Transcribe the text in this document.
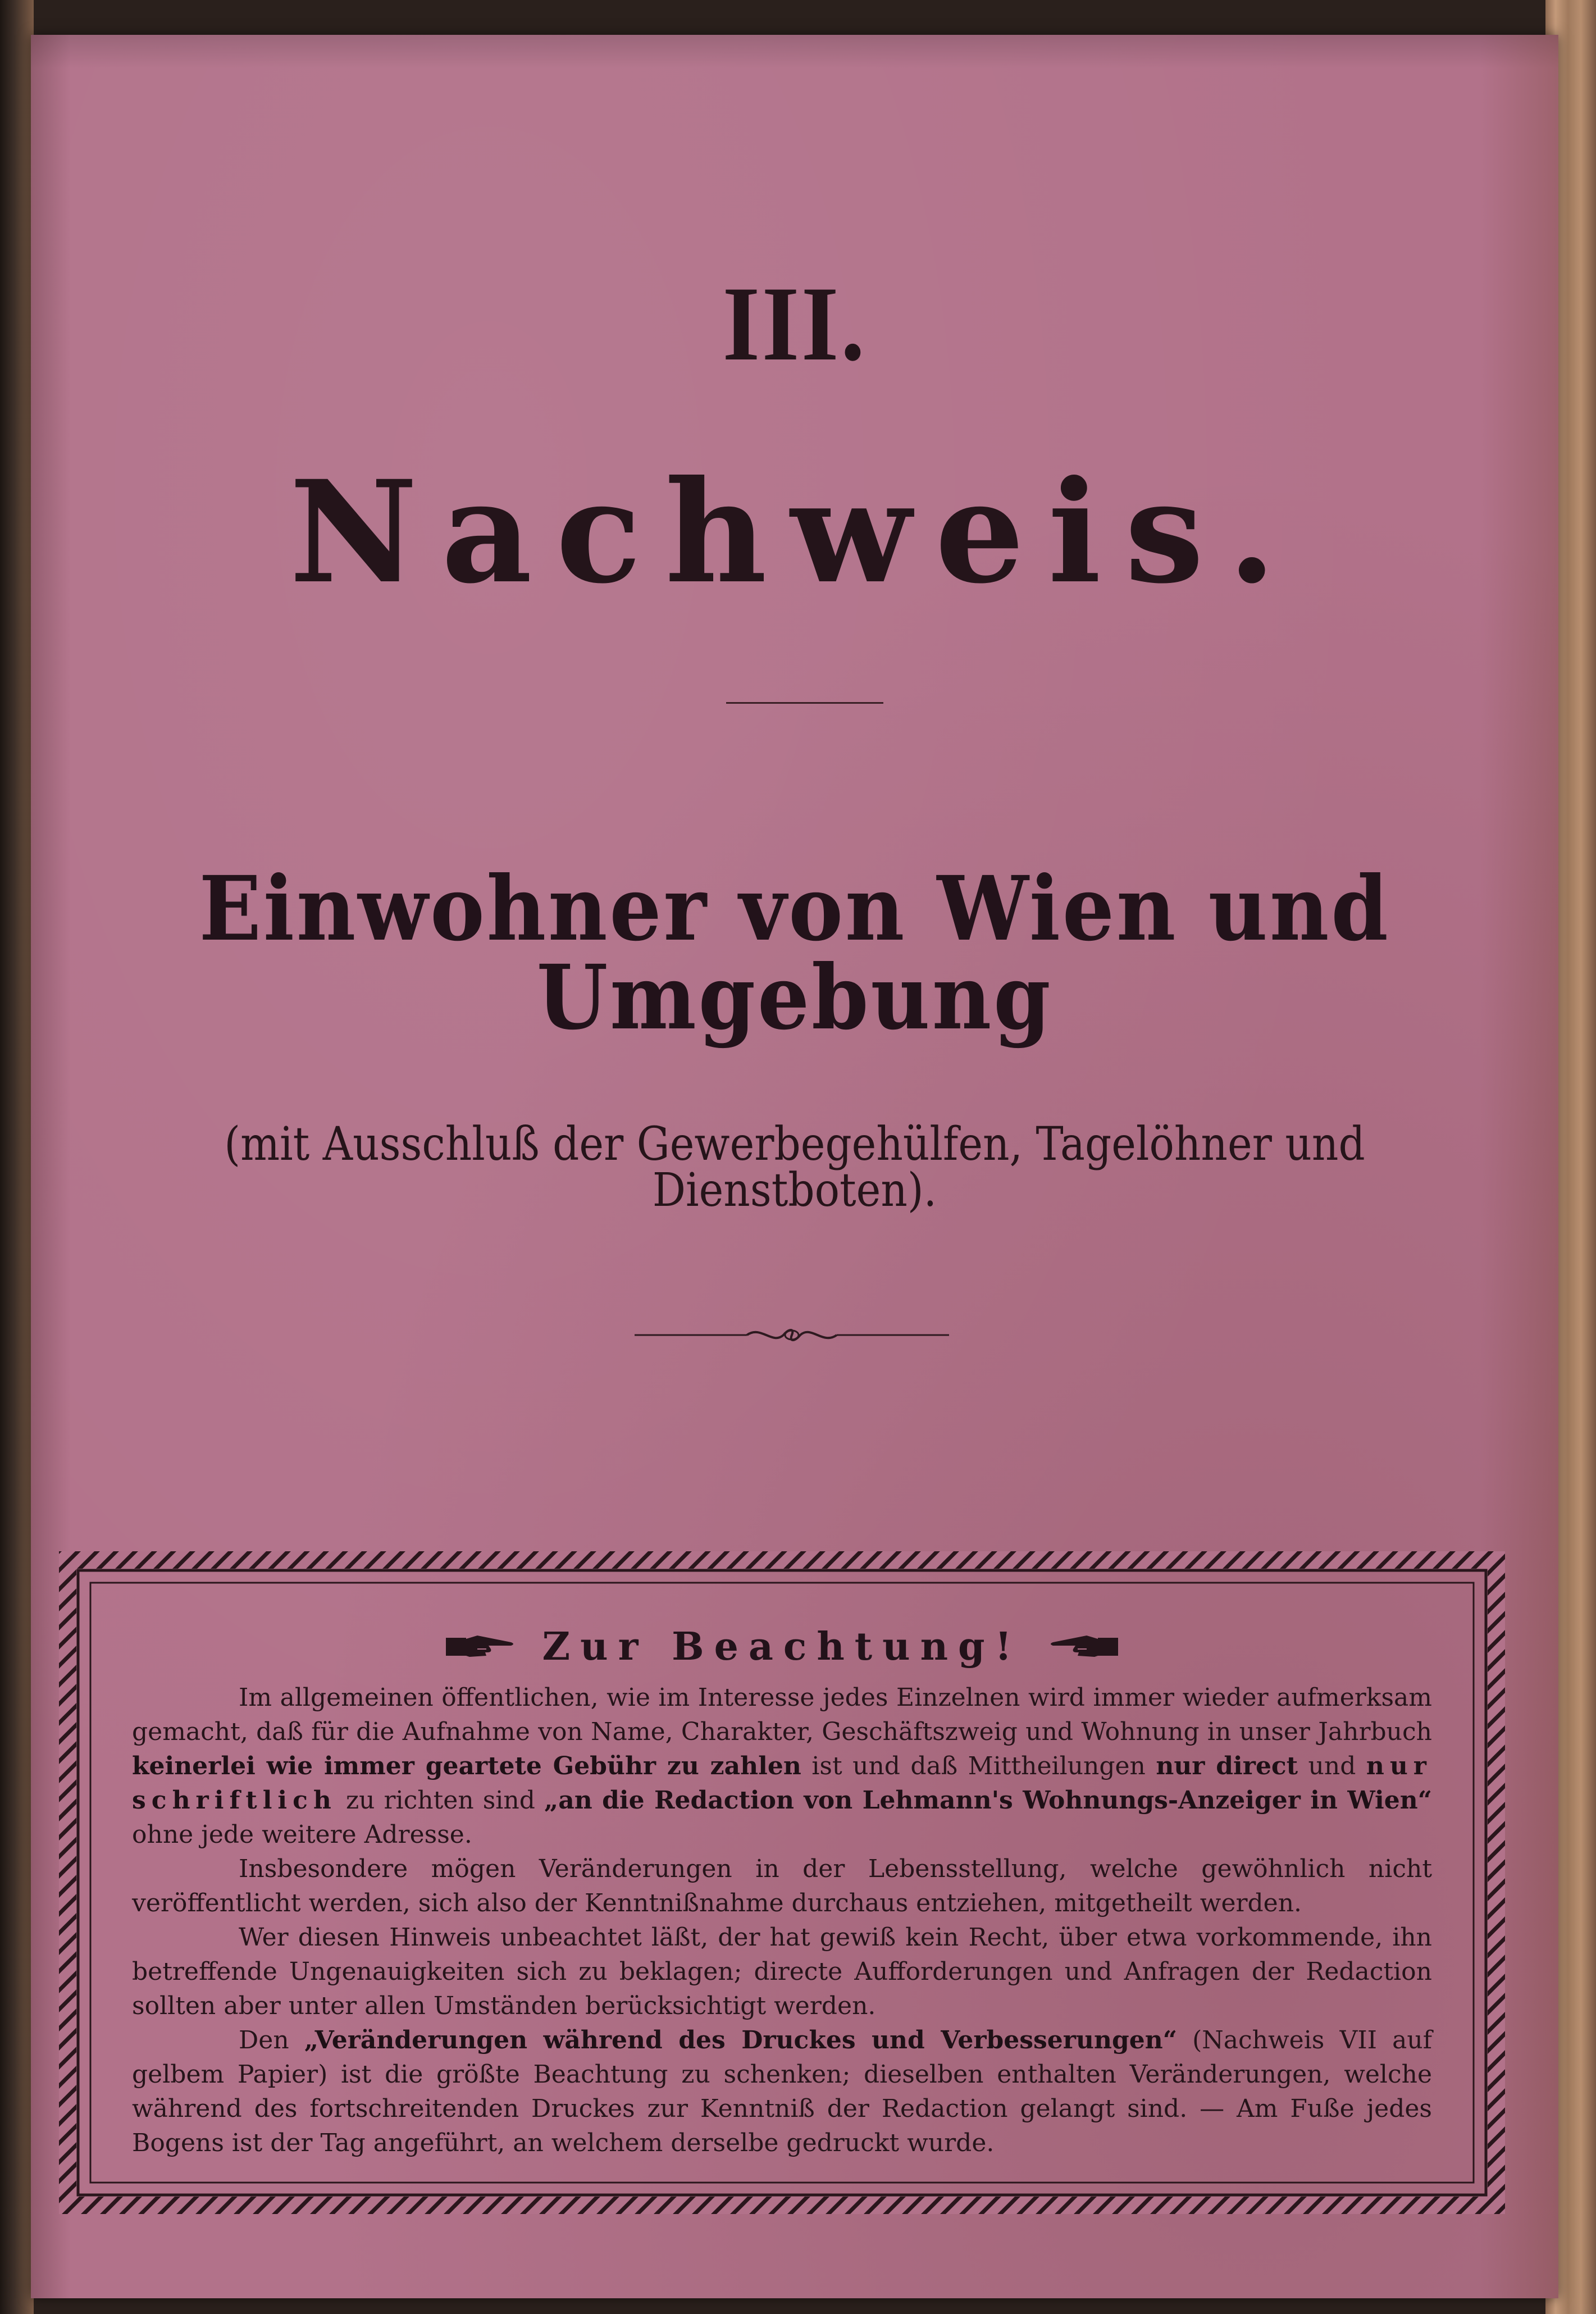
III.
Nachweis.
Einwohner von Wien und Umgebung
(mit Ausschluß der Gewerbegehülfen, Tagelöhner und Dienstboten).
Zur Beachtung!

Im allgemeinen öffentlichen, wie im Interesse jedes Einzelnen wird immer wieder aufmerksam gemacht, daß für die Aufnahme von Name, Charakter, Geschäftszweig und Wohnung in unser Jahrbuch keinerlei wie immer geartete Gebühr zu zahlen ist und daß Mittheilungen nur direct und nur schriftlich zu richten sind „an die Redaction von Lehmann's Wohnungs-Anzeiger in Wien“ ohne jede weitere Adresse.

Insbesondere mögen Veränderungen in der Lebensstellung, welche gewöhnlich nicht veröffentlicht werden, sich also der Kenntnißnahme durchaus entziehen, mitgetheilt werden.

Wer diesen Hinweis unbeachtet läßt, der hat gewiß kein Recht, über etwa vorkommende, ihn betreffende Ungenauigkeiten sich zu beklagen; directe Aufforderungen und Anfragen der Redaction sollten aber unter allen Umständen berücksichtigt werden.

Den „Veränderungen während des Druckes und Verbesserungen“ (Nachweis VII auf gelbem Papier) ist die größte Beachtung zu schenken; dieselben enthalten Veränderungen, welche während des fortschreitenden Druckes zur Kenntniß der Redaction gelangt sind. — Am Fuße jedes Bogens ist der Tag angeführt, an welchem derselbe gedruckt wurde.
